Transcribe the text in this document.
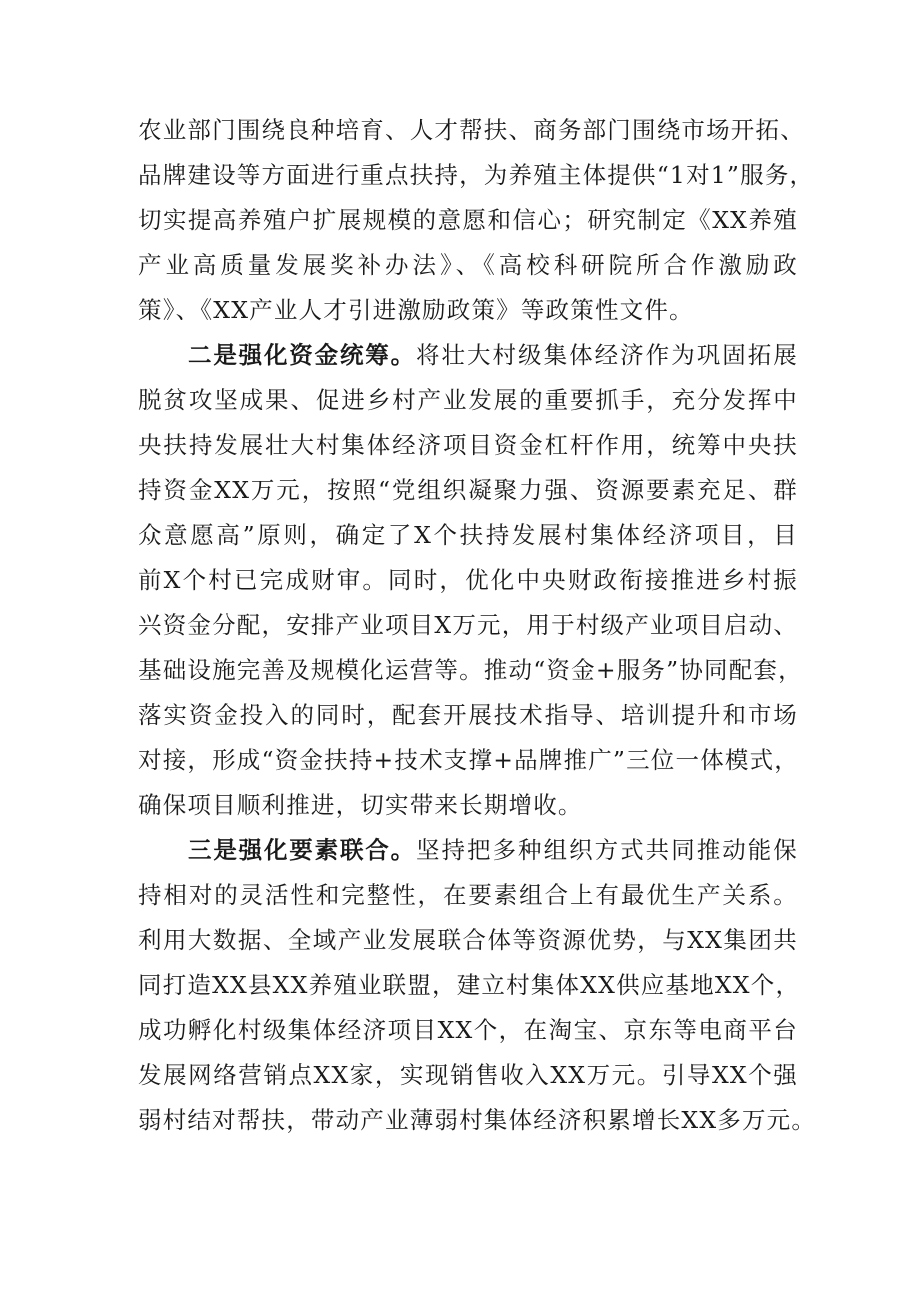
农业部门围绕良种培育、人才帮扶、商务部门围绕市场开拓、
品牌建设等方面进行重点扶持，为养殖主体提供“1对1”服务，
切实提高养殖户扩展规模的意愿和信心；研究制定《XX养殖
产业高质量发展奖补办法》、《高校科研院所合作激励政
策》、《XX产业人才引进激励政策》等政策性文件。
二是强化资金统筹。将壮大村级集体经济作为巩固拓展
脱贫攻坚成果、促进乡村产业发展的重要抓手，充分发挥中
央扶持发展壮大村集体经济项目资金杠杆作用，统筹中央扶
持资金XX万元，按照“党组织凝聚力强、资源要素充足、群
众意愿高”原则，确定了X个扶持发展村集体经济项目，目
前X个村已完成财审。同时，优化中央财政衔接推进乡村振
兴资金分配，安排产业项目X万元，用于村级产业项目启动、
基础设施完善及规模化运营等。推动“资金+服务”协同配套，
落实资金投入的同时，配套开展技术指导、培训提升和市场
对接，形成“资金扶持+技术支撑+品牌推广”三位一体模式，
确保项目顺利推进，切实带来长期增收。
三是强化要素联合。坚持把多种组织方式共同推动能保
持相对的灵活性和完整性，在要素组合上有最优生产关系。
利用大数据、全域产业发展联合体等资源优势，与XX集团共
同打造XX县XX养殖业联盟，建立村集体XX供应基地XX个，
成功孵化村级集体经济项目XX个，在淘宝、京东等电商平台
发展网络营销点XX家，实现销售收入XX万元。引导XX个强
弱村结对帮扶，带动产业薄弱村集体经济积累增长XX多万元。
